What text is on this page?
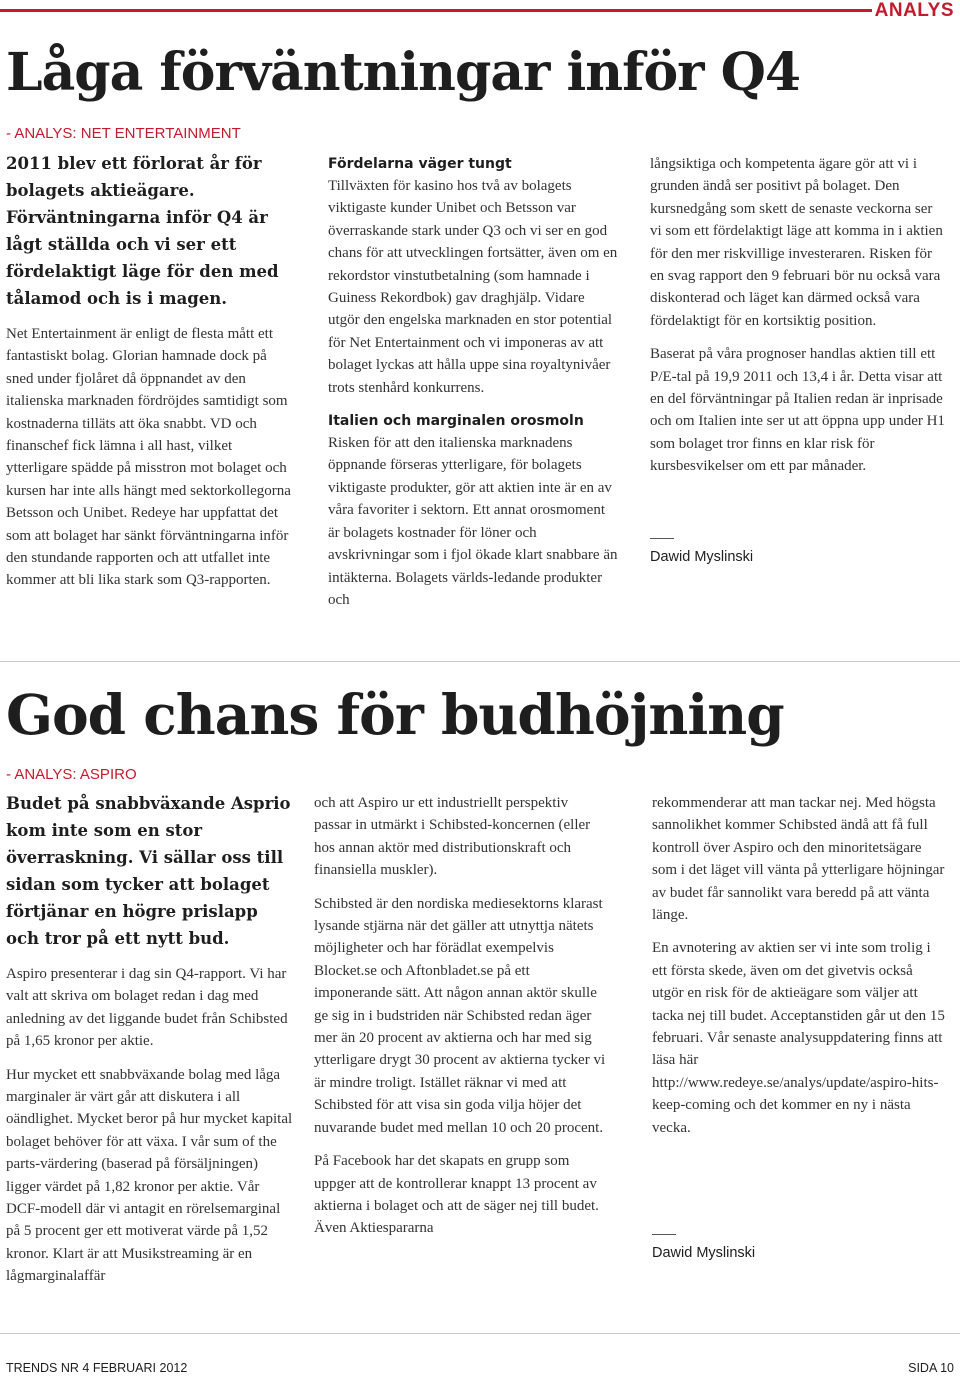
ANALYS
Låga förväntningar inför Q4
- ANALYS: NET ENTERTAINMENT

2011 blev ett förlorat år för bolagets aktieägare. Förväntningarna inför Q4 är lågt ställda och vi ser ett fördelaktigt läge för den med tålamod och is i magen.

Net Entertainment är enligt de flesta mått ett fantastiskt bolag. Glorian hamnade dock på sned under fjolåret då öppnandet av den italienska marknaden fördröjdes samtidigt som kostnaderna tilläts att öka snabbt. VD och finanschef fick lämna i all hast, vilket ytterligare spädde på misstron mot bolaget och kursen har inte alls hängt med sektorkollegorna Betsson och Unibet. Redeye har uppfattat det som att bolaget har sänkt förväntningarna inför den stundande rapporten och att utfallet inte kommer att bli lika stark som Q3-rapporten.

Fördelarna väger tungt

Tillväxten för kasino hos två av bolagets viktigaste kunder Unibet och Betsson var överraskande stark under Q3 och vi ser en god chans för att utvecklingen fortsätter, även om en rekordstor vinstutbetalning (som hamnade i Guiness Rekordbok) gav draghjälp. Vidare utgör den engelska marknaden en stor potential för Net Entertainment och vi imponeras av att bolaget lyckas att hålla uppe sina royaltynivåer trots stenhård konkurrens.

Italien och marginalen orosmoln

Risken för att den italienska marknadens öppnande förseras ytterligare, för bolagets viktigaste produkter, gör att aktien inte är en av våra favoriter i sektorn. Ett annat orosmoment är bolagets kostnader för löner och avskrivningar som i fjol ökade klart snabbare än intäkterna. Bolagets världs-ledande produkter och

långsiktiga och kompetenta ägare gör att vi i grunden ändå ser positivt på bolaget. Den kursnedgång som skett de senaste veckorna ser vi som ett fördelaktigt läge att komma in i aktien för den mer riskvillige investeraren. Risken för en svag rapport den 9 februari bör nu också vara diskonterad och läget kan därmed också vara fördelaktigt för en kortsiktig position.

Baserat på våra prognoser handlas aktien till ett P/E-tal på 19,9 2011 och 13,4 i år. Detta visar att en del förväntningar på Italien redan är inprisade och om Italien inte ser ut att öppna upp under H1 som bolaget tror finns en klar risk för kursbesvikelser om ett par månader.

Dawid Myslinski

God chans för budhöjning
- ANALYS: ASPIRO

Budet på snabbväxande Asprio kom inte som en stor överraskning. Vi sällar oss till sidan som tycker att bolaget förtjänar en högre prislapp och tror på ett nytt bud.

Aspiro presenterar i dag sin Q4-rapport. Vi har valt att skriva om bolaget redan i dag med anledning av det liggande budet från Schibsted på 1,65 kronor per aktie.

Hur mycket ett snabbväxande bolag med låga marginaler är värt går att diskutera i all oändlighet. Mycket beror på hur mycket kapital bolaget behöver för att växa. I vår sum of the parts-värdering (baserad på försäljningen) ligger värdet på 1,82 kronor per aktie. Vår DCF-modell där vi antagit en rörelsemarginal på 5 procent ger ett motiverat värde på 1,52 kronor. Klart är att Musikstreaming är en lågmarginalaffär

och att Aspiro ur ett industriellt perspektiv passar in utmärkt i Schibsted-koncernen (eller hos annan aktör med distributionskraft och finansiella muskler).

Schibsted är den nordiska mediesektorns klarast lysande stjärna när det gäller att utnyttja nätets möjligheter och har förädlat exempelvis Blocket.se och Aftonbladet.se på ett imponerande sätt. Att någon annan aktör skulle ge sig in i budstriden när Schibsted redan äger mer än 20 procent av aktierna och har med sig ytterligare drygt 30 procent av aktierna tycker vi är mindre troligt. Istället räknar vi med att Schibsted för att visa sin goda vilja höjer det nuvarande budet med mellan 10 och 20 procent.

På Facebook har det skapats en grupp som uppger att de kontrollerar knappt 13 procent av aktierna i bolaget och att de säger nej till budet. Även Aktiespararna

rekommenderar att man tackar nej. Med högsta sannolikhet kommer Schibsted ändå att få full kontroll över Aspiro och den minoritetsägare som i det läget vill vänta på ytterligare höjningar av budet får sannolikt vara beredd på att vänta länge.

En avnotering av aktien ser vi inte som trolig i ett första skede, även om det givetvis också utgör en risk för de aktieägare som väljer att tacka nej till budet. Acceptanstiden går ut den 15 februari. Vår senaste analysuppdatering finns att läsa här http://www.redeye.se/analys/update/aspiro-hits-keep-coming och det kommer en ny i nästa vecka.

Dawid Myslinski

TRENDS NR 4 FEBRUARI 2012	SIDA 10
